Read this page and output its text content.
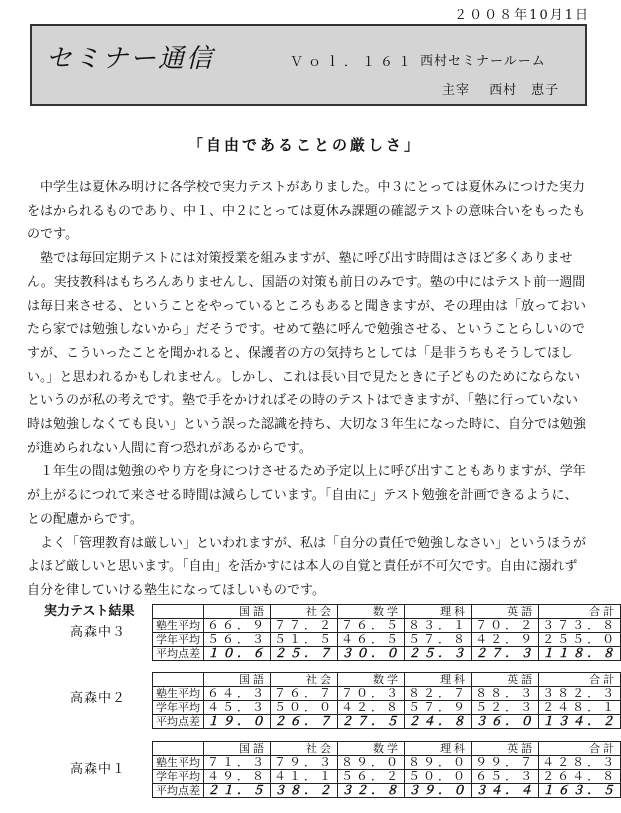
２００８年10月1日
セミナー通信	Ｖｏｌ．１６１ 西村セミナールーム
主宰 西村　恵子
「自由であることの厳しさ」

中学生は夏休み明けに各学校で実力テストがありました。中３にとっては夏休みにつけた実力をはかられるものであり、中１、中２にとっては夏休み課題の確認テストの意味合いをもったものです。

塾では毎回定期テストには対策授業を組みますが、塾に呼び出す時間はさほど多くありません。実技教科はもちろんありませんし、国語の対策も前日のみです。塾の中にはテスト前一週間は毎日来させる、ということをやっているところもあると聞きますが、その理由は「放っておいたら家では勉強しないから」だそうです。せめて塾に呼んで勉強させる、ということらしいのですが、こういったことを聞かれると、保護者の方の気持ちとしては「是非うちもそうしてほしい。」と思われるかもしれません。しかし、これは長い目で見たときに子どものためにならないというのが私の考えです。塾で手をかければその時のテストはできますが、「塾に行っていない時は勉強しなくても良い」という誤った認識を持ち、大切な３年生になった時に、自分では勉強が進められない人間に育つ恐れがあるからです。

１年生の間は勉強のやり方を身につけさせるため予定以上に呼び出すこともありますが、学年が上がるにつれて来させる時間は減らしています。「自由に」テスト勉強を計画できるように、との配慮からです。

よく「管理教育は厳しい」といわれますが、私は「自分の責任で勉強しなさい」というほうがよほど厳しいと思います。「自由」を活かすには本人の自覚と責任が不可欠です。自由に溺れず自分を律していける塾生になってほしいものです。

実力テスト結果
高森中３
	国語	社会	数学	理科	英語	合計
塾生平均	６６．９	７７．２	７６．５	８３．１	７０．２	３７３．８
学年平均	５６．３	５１．５	４６．５	５７．８	４２．９	２５５．０
平均点差	１０．６	２５．７	３０．０	２５．３	２７．３	１１８．８
高森中２
	国語	社会	数学	理科	英語	合計
塾生平均	６４．３	７６．７	７０．３	８２．７	８８．３	３８２．３
学年平均	４５．３	５０．０	４２．８	５７．９	５２．３	２４８．１
平均点差	１９．０	２６．７	２７．５	２４．８	３６．０	１３４．２
高森中１
	国語	社会	数学	理科	英語	合計
塾生平均	７１．３	７９．３	８９．０	８９．０	９９．７	４２８．３
学年平均	４９．８	４１．１	５６．２	５０．０	６５．３	２６４．８
平均点差	２１．５	３８．２	３２．８	３９．０	３４．４	１６３．５
